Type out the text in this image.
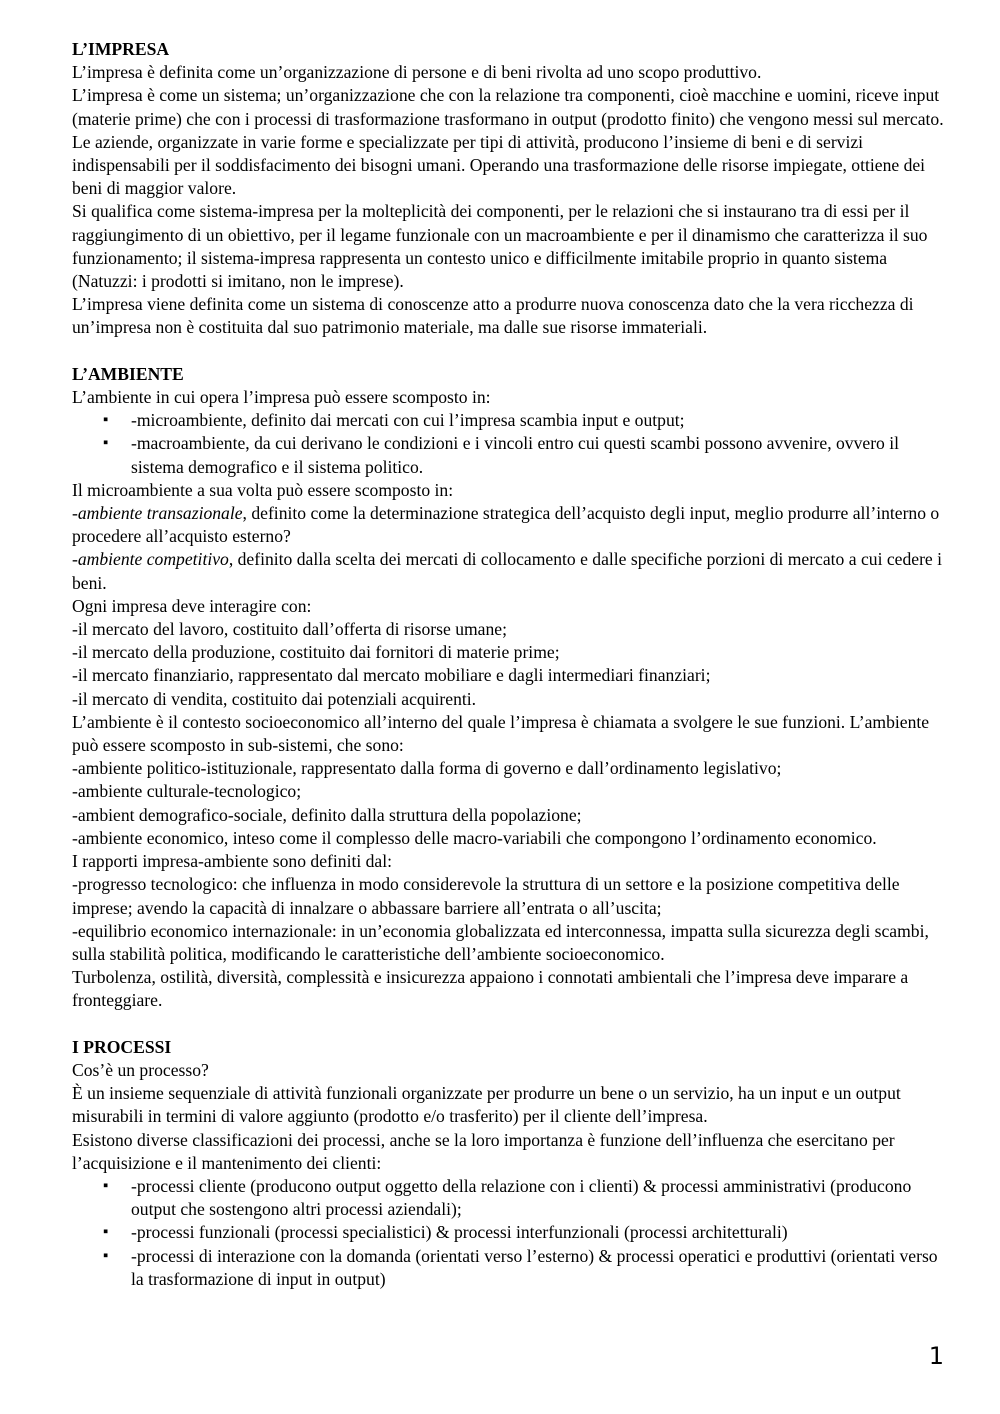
L’IMPRESA

L’impresa è definita come un’organizzazione di persone e di beni rivolta ad uno scopo produttivo.

L’impresa è come un sistema; un’organizzazione che con la relazione tra componenti, cioè macchine e uomini, riceve input (materie prime) che con i processi di trasformazione trasformano in output (prodotto finito) che vengono messi sul mercato.

Le aziende, organizzate in varie forme e specializzate per tipi di attività, producono l’insieme di beni e di servizi indispensabili per il soddisfacimento dei bisogni umani. Operando una trasformazione delle risorse impiegate, ottiene dei beni di maggior valore.

Si qualifica come sistema-impresa per la molteplicità dei componenti, per le relazioni che si instaurano tra di essi per il raggiungimento di un obiettivo, per il legame funzionale con un macroambiente e per il dinamismo che caratterizza il suo funzionamento; il sistema-impresa rappresenta un contesto unico e difficilmente imitabile proprio in quanto sistema (Natuzzi: i prodotti si imitano, non le imprese).

L’impresa viene definita come un sistema di conoscenze atto a produrre nuova conoscenza dato che la vera ricchezza di un’impresa non è costituita dal suo patrimonio materiale, ma dalle sue risorse immateriali.

L’AMBIENTE

L’ambiente in cui opera l’impresa può essere scomposto in:

▪ -microambiente, definito dai mercati con cui l’impresa scambia input e output;
▪ -macroambiente, da cui derivano le condizioni e i vincoli entro cui questi scambi possono avvenire, ovvero il sistema demografico e il sistema politico.

Il microambiente a sua volta può essere scomposto in:

-ambiente transazionale, definito come la determinazione strategica dell’acquisto degli input, meglio produrre all’interno o procedere all’acquisto esterno?

-ambiente competitivo, definito dalla scelta dei mercati di collocamento e dalle specifiche porzioni di mercato a cui cedere i beni.

Ogni impresa deve interagire con:

-il mercato del lavoro, costituito dall’offerta di risorse umane;

-il mercato della produzione, costituito dai fornitori di materie prime;

-il mercato finanziario, rappresentato dal mercato mobiliare e dagli intermediari finanziari;

-il mercato di vendita, costituito dai potenziali acquirenti.

L’ambiente è il contesto socioeconomico all’interno del quale l’impresa è chiamata a svolgere le sue funzioni. L’ambiente può essere scomposto in sub-sistemi, che sono:

-ambiente politico-istituzionale, rappresentato dalla forma di governo e dall’ordinamento legislativo;

-ambiente culturale-tecnologico;

-ambient demografico-sociale, definito dalla struttura della popolazione;

-ambiente economico, inteso come il complesso delle macro-variabili che compongono l’ordinamento economico.

I rapporti impresa-ambiente sono definiti dal:

-progresso tecnologico: che influenza in modo considerevole la struttura di un settore e la posizione competitiva delle imprese; avendo la capacità di innalzare o abbassare barriere all’entrata o all’uscita;

-equilibrio economico internazionale: in un’economia globalizzata ed interconnessa, impatta sulla sicurezza degli scambi, sulla stabilità politica, modificando le caratteristiche dell’ambiente socioeconomico.

Turbolenza, ostilità, diversità, complessità e insicurezza appaiono i connotati ambientali che l’impresa deve imparare a fronteggiare.

I PROCESSI

Cos’è un processo?

È un insieme sequenziale di attività funzionali organizzate per produrre un bene o un servizio, ha un input e un output misurabili in termini di valore aggiunto (prodotto e/o trasferito) per il cliente dell’impresa.

Esistono diverse classificazioni dei processi, anche se la loro importanza è funzione dell’influenza che esercitano per l’acquisizione e il mantenimento dei clienti:

▪ -processi cliente (producono output oggetto della relazione con i clienti) & processi amministrativi (producono output che sostengono altri processi aziendali);
▪ -processi funzionali (processi specialistici) & processi interfunzionali (processi architetturali)
▪ -processi di interazione con la domanda (orientati verso l’esterno) & processi operatici e produttivi (orientati verso la trasformazione di input in output)
1
